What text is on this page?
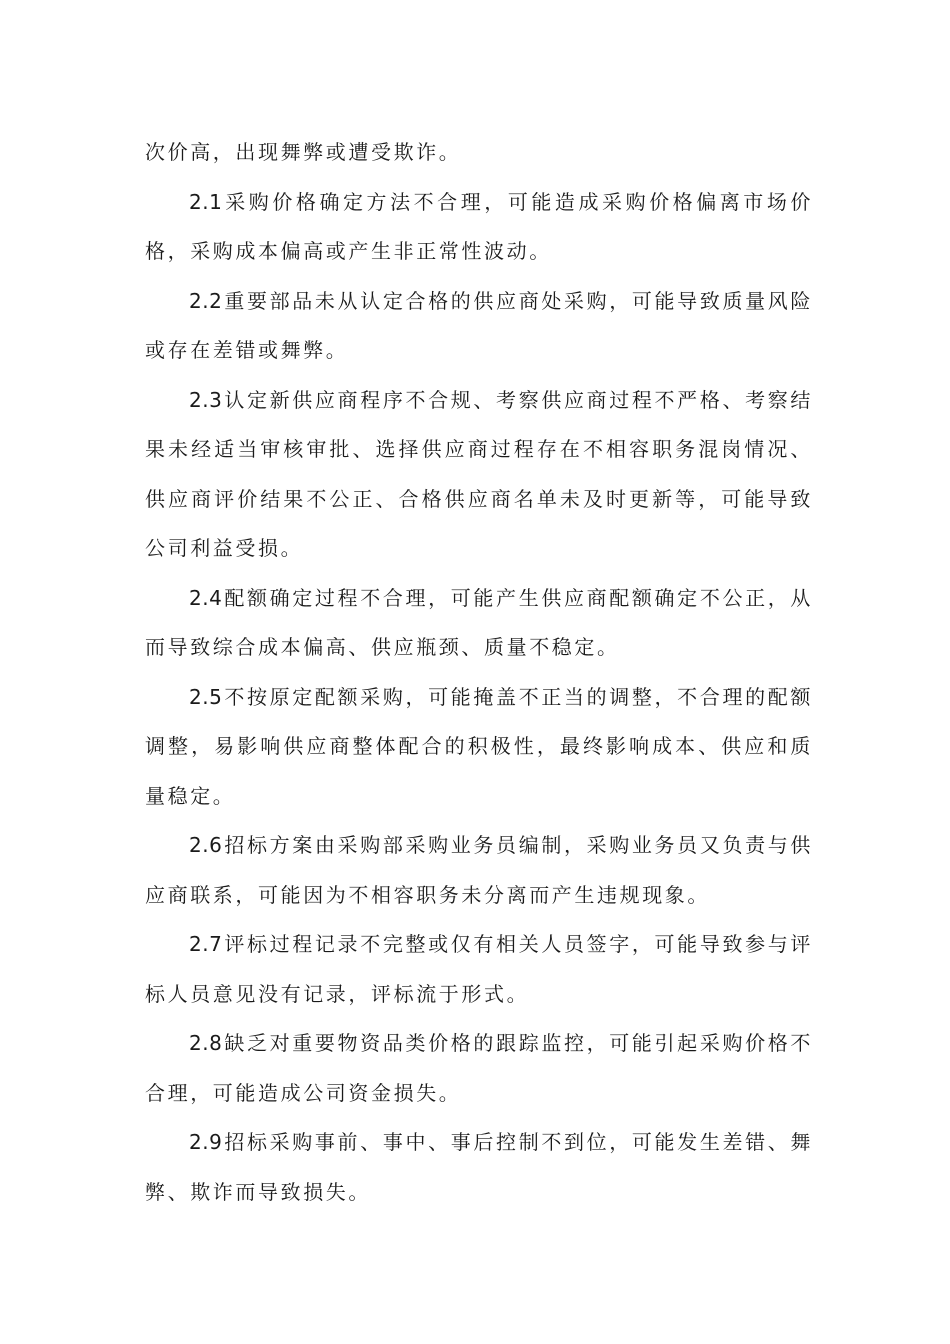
次价高，出现舞弊或遭受欺诈。

2.1 采购价格确定方法不合理，可能造成采购价格偏离市场价格，采购成本偏高或产生非正常性波动。

2.2 重要部品未从认定合格的供应商处采购，可能导致质量风险或存在差错或舞弊。

2.3 认定新供应商程序不合规、考察供应商过程不严格、考察结果未经适当审核审批、选择供应商过程存在不相容职务混岗情况、供应商评价结果不公正、合格供应商名单未及时更新等，可能导致公司利益受损。

2.4 配额确定过程不合理，可能产生供应商配额确定不公正，从而导致综合成本偏高、供应瓶颈、质量不稳定。

2.5 不按原定配额采购，可能掩盖不正当的调整，不合理的配额调整，易影响供应商整体配合的积极性，最终影响成本、供应和质量稳定。

2.6 招标方案由采购部采购业务员编制，采购业务员又负责与供应商联系，可能因为不相容职务未分离而产生违规现象。

2.7 评标过程记录不完整或仅有相关人员签字，可能导致参与评标人员意见没有记录，评标流于形式。

2.8 缺乏对重要物资品类价格的跟踪监控，可能引起采购价格不合理，可能造成公司资金损失。

2.9 招标采购事前、事中、事后控制不到位，可能发生差错、舞弊、欺诈而导致损失。
